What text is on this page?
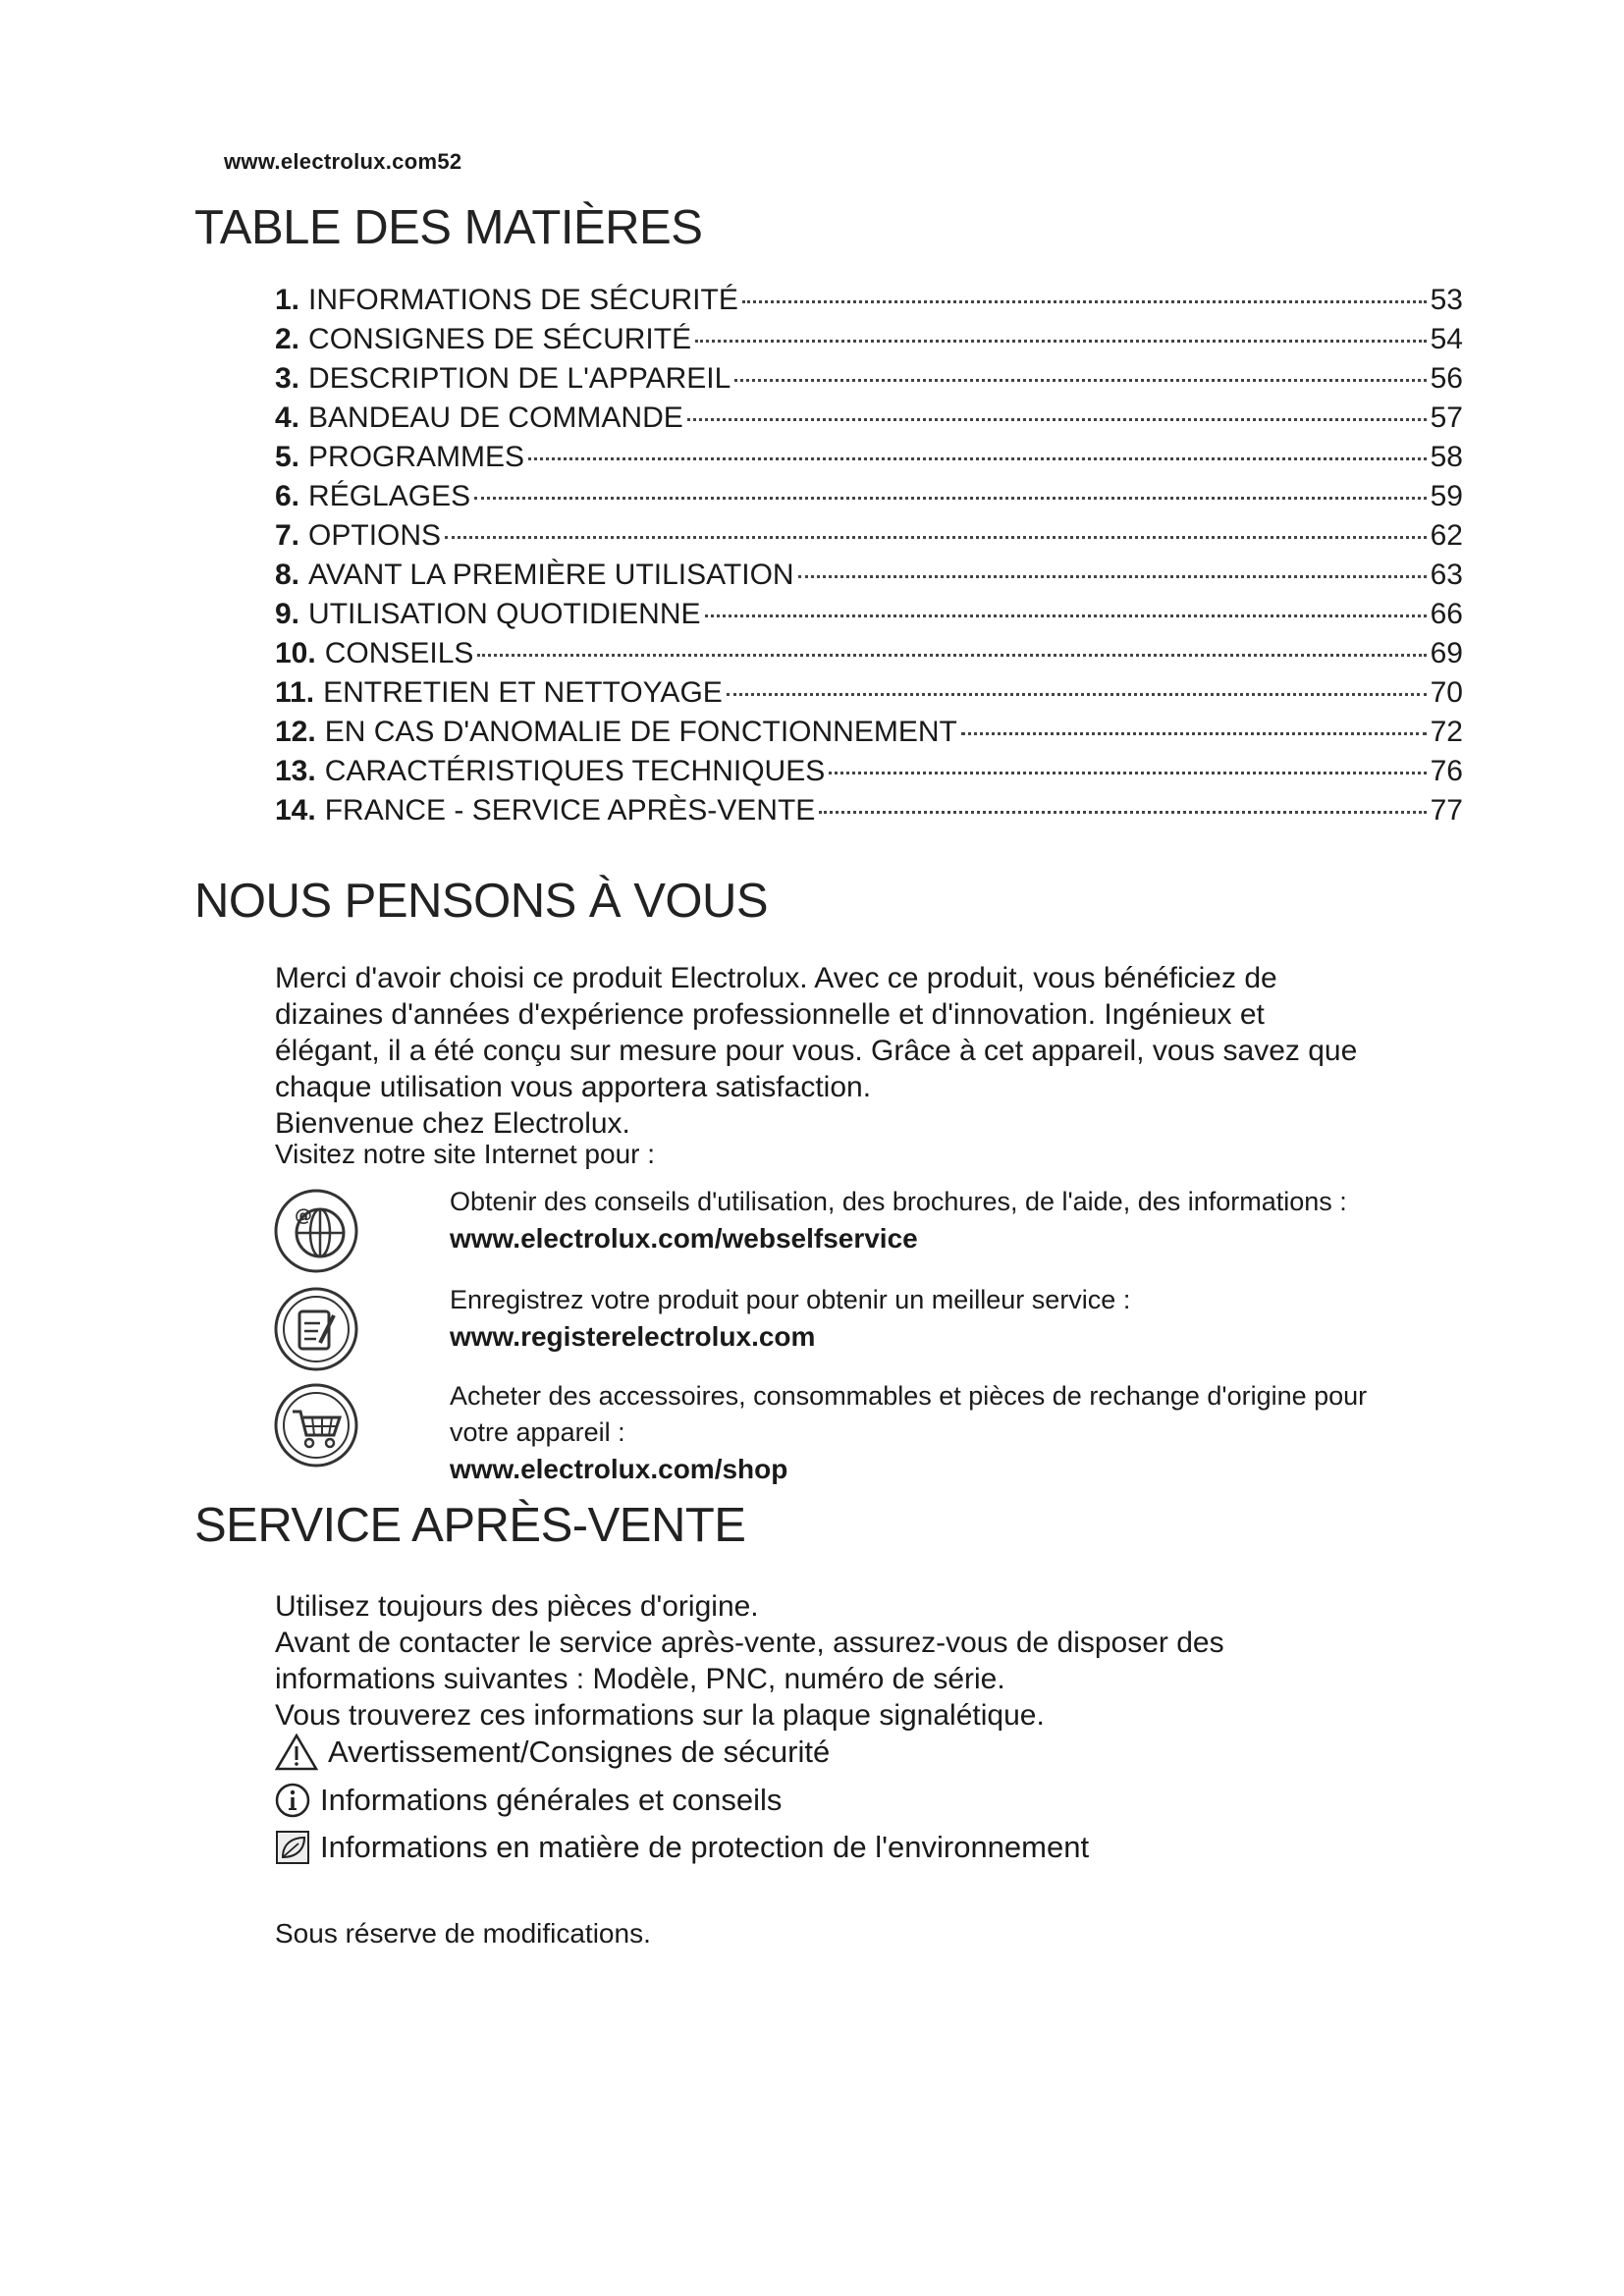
www.electrolux.com52
TABLE DES MATIÈRES
1. INFORMATIONS DE SÉCURITÉ	53
2. CONSIGNES DE SÉCURITÉ	54
3. DESCRIPTION DE L'APPAREIL	56
4. BANDEAU DE COMMANDE	57
5. PROGRAMMES	58
6. RÉGLAGES	59
7. OPTIONS	62
8. AVANT LA PREMIÈRE UTILISATION	63
9. UTILISATION QUOTIDIENNE	66
10. CONSEILS	69
11. ENTRETIEN ET NETTOYAGE	70
12. EN CAS D'ANOMALIE DE FONCTIONNEMENT	72
13. CARACTÉRISTIQUES TECHNIQUES	76
14. FRANCE - SERVICE APRÈS-VENTE	77
NOUS PENSONS À VOUS

Merci d'avoir choisi ce produit Electrolux. Avec ce produit, vous bénéficiez de

dizaines d'années d'expérience professionnelle et d'innovation. Ingénieux et

élégant, il a été conçu sur mesure pour vous. Grâce à cet appareil, vous savez que

chaque utilisation vous apportera satisfaction.

Bienvenue chez Electrolux.

Visitez notre site Internet pour :
@	Obtenir des conseils d'utilisation, des brochures, de l'aide, des informations :
www.electrolux.com/webselfservice
Enregistrez votre produit pour obtenir un meilleur service :
www.registerelectrolux.com
Acheter des accessoires, consommables et pièces de rechange d'origine pour
votre appareil :
www.electrolux.com/shop
SERVICE APRÈS-VENTE

Utilisez toujours des pièces d'origine.

Avant de contacter le service après-vente, assurez-vous de disposer des

informations suivantes : Modèle, PNC, numéro de série.

Vous trouverez ces informations sur la plaque signalétique.

Avertissement/Consignes de sécurité
Informations générales et conseils
Informations en matière de protection de l'environnement
Sous réserve de modifications.
